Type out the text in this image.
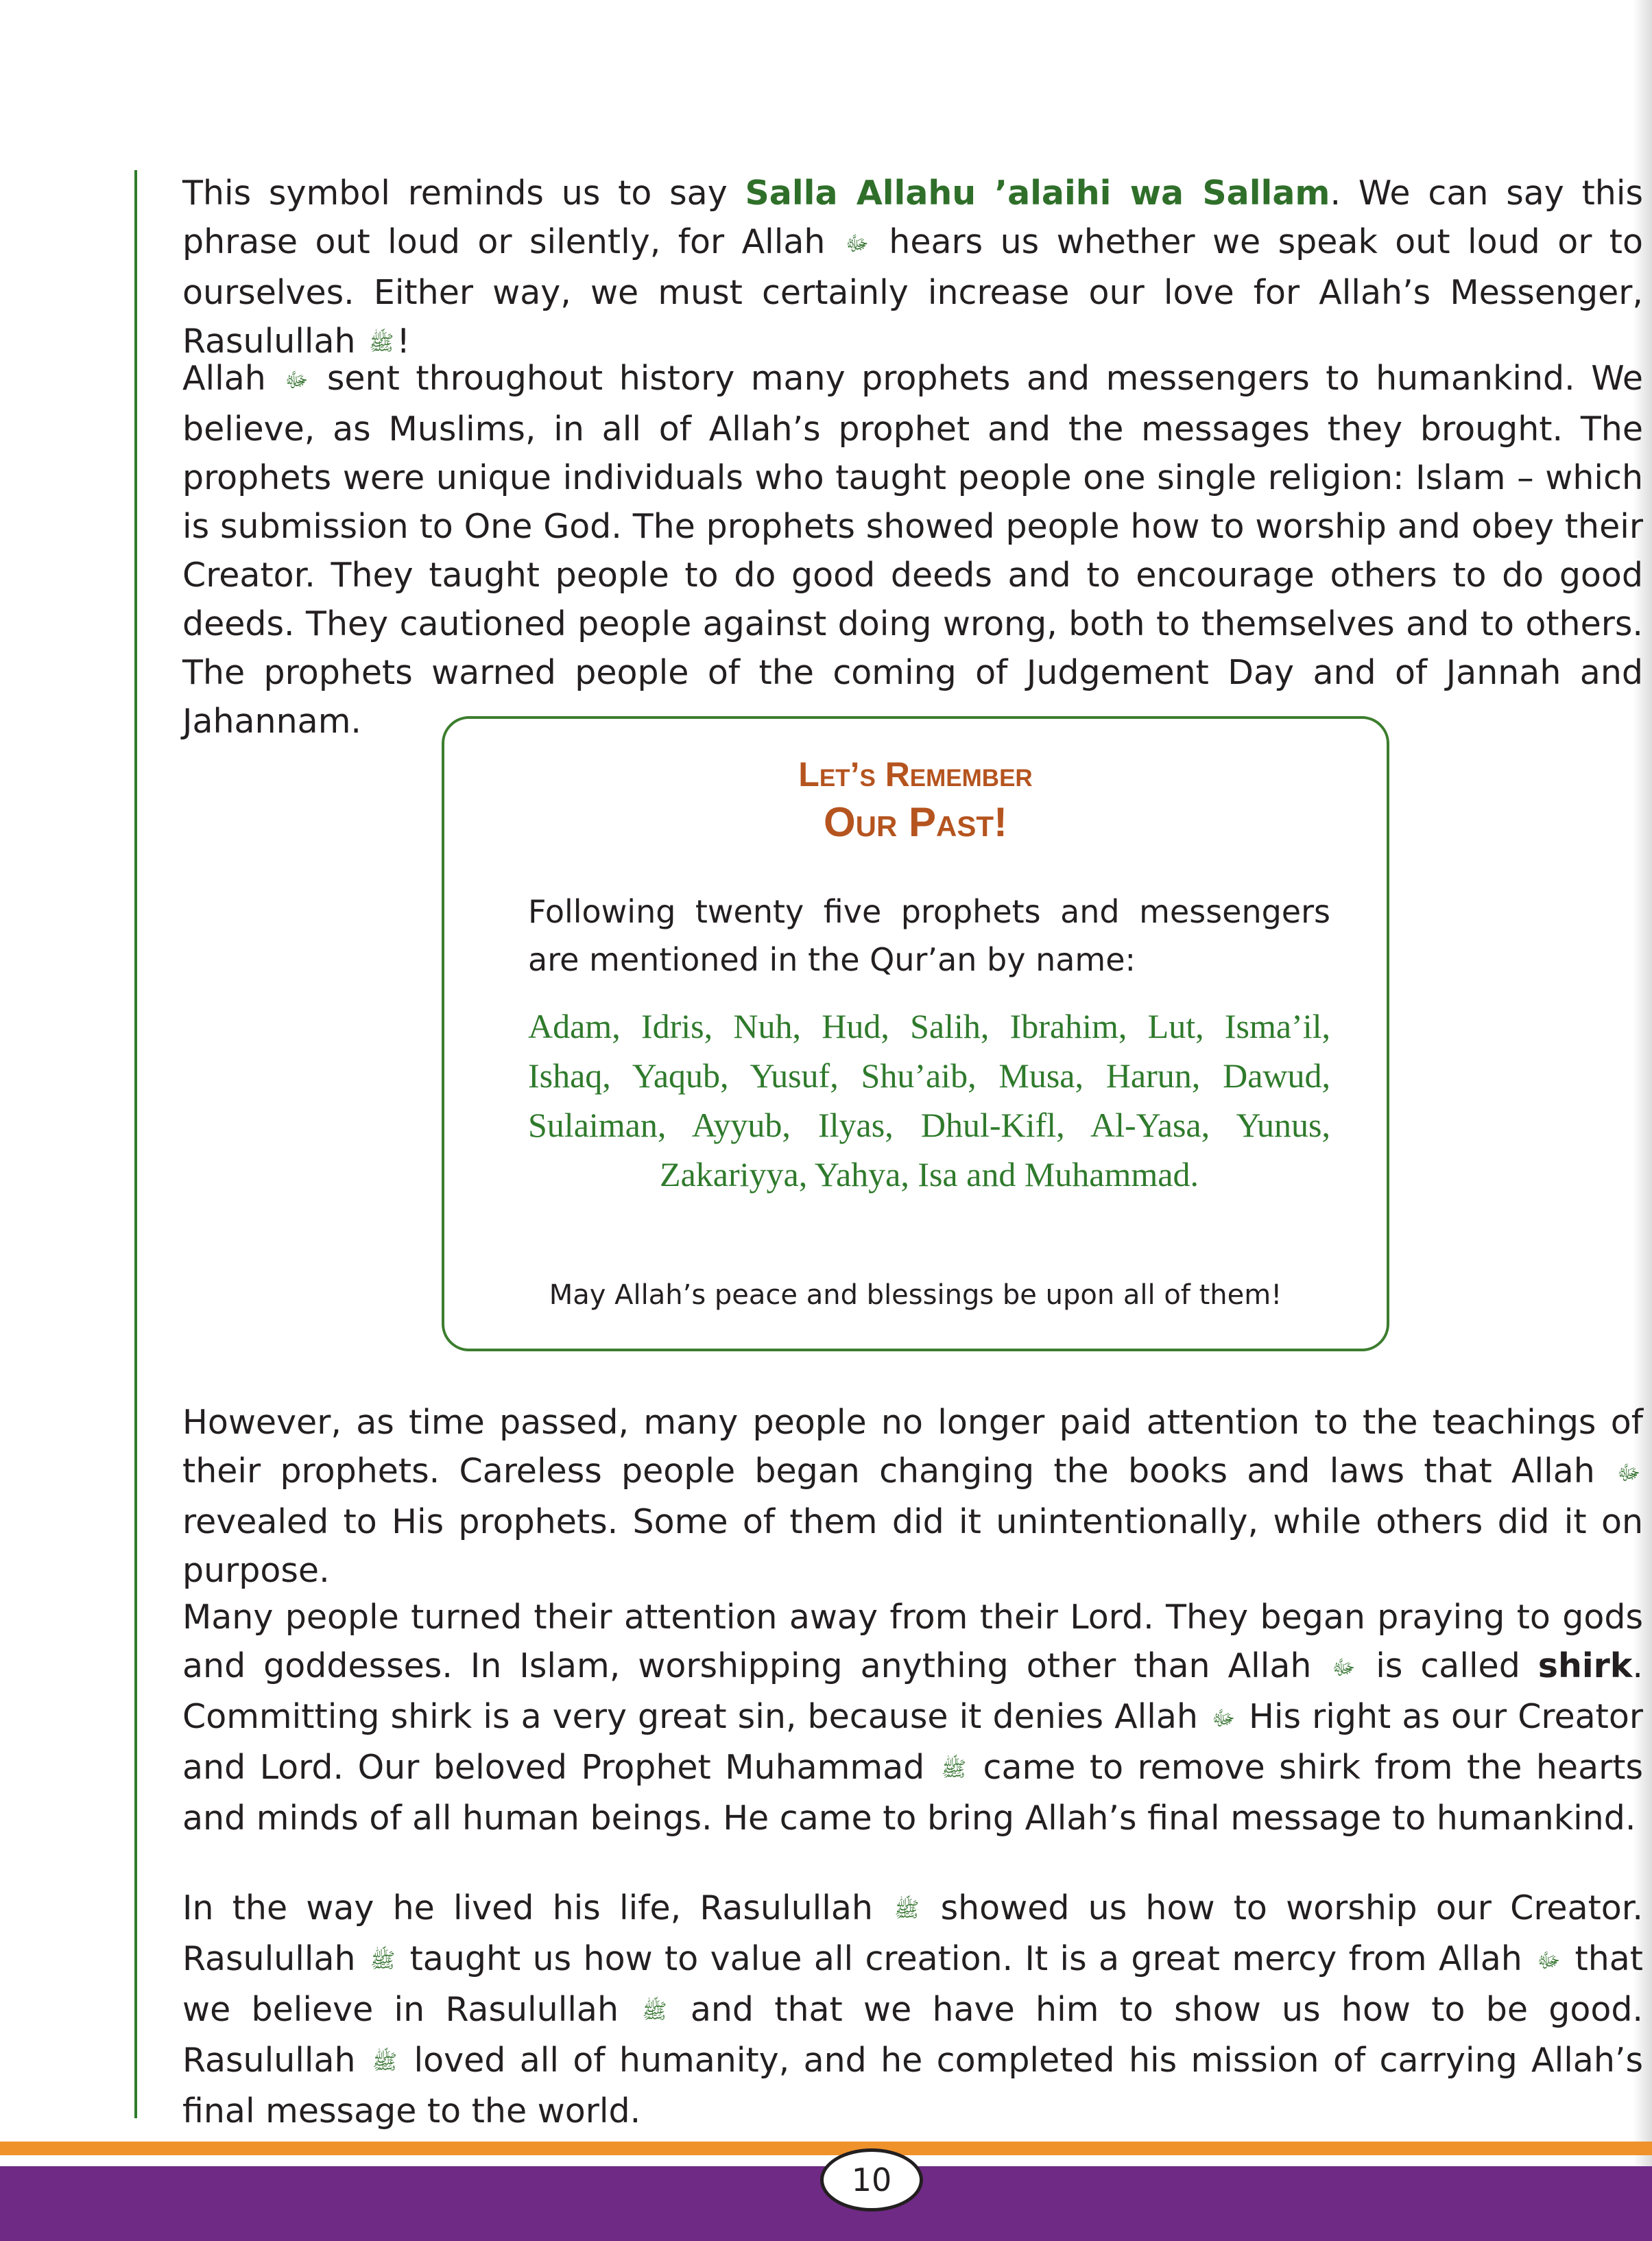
This symbol reminds us to say Salla Allahu ’alaihi wa Sallam. We can say this phrase out loud or silently, for Allah ﷻ hears us whether we speak out loud or to ourselves. Either way, we must certainly increase our love for Allah’s Messenger, Rasulullah ﷺ!

Allah ﷻ sent throughout history many prophets and messengers to humankind. We believe, as Muslims, in all of Allah’s prophet and the messages they brought. The prophets were unique individuals who taught people one single religion: Islam – which is submission to One God. The prophets showed people how to worship and obey their Creator. They taught people to do good deeds and to encourage others to do good deeds. They cautioned people against doing wrong, both to themselves and to others. The prophets warned people of the coming of Judgement Day and of Jannah and Jahannam.

Let’s Remember
Our Past!

Following twenty five prophets and messengers are mentioned in the Qur’an by name:

Adam, Idris, Nuh, Hud, Salih, Ibrahim, Lut, Isma’il, Ishaq, Yaqub, Yusuf, Shu’aib, Musa, Harun, Dawud, Sulaiman, Ayyub, Ilyas, Dhul-Kifl, Al-Yasa, Yunus, Zakariyya, Yahya, Isa and Muhammad.

May Allah’s peace and blessings be upon all of them!

However, as time passed, many people no longer paid attention to the teachings of their prophets. Careless people began changing the books and laws that Allah ﷻ revealed to His prophets. Some of them did it unintentionally, while others did it on purpose.

Many people turned their attention away from their Lord. They began praying to gods and goddesses. In Islam, worshipping anything other than Allah ﷻ is called shirk. Committing shirk is a very great sin, because it denies Allah ﷻ His right as our Creator and Lord. Our beloved Prophet Muhammad ﷺ came to remove shirk from the hearts and minds of all human beings. He came to bring Allah’s final message to humankind.

In the way he lived his life, Rasulullah ﷺ showed us how to worship our Creator. Rasulullah ﷺ taught us how to value all creation. It is a great mercy from Allah ﷻ that we believe in Rasulullah ﷺ and that we have him to show us how to be good. Rasulullah ﷺ loved all of humanity, and he completed his mission of carrying Allah’s final message to the world.

10
